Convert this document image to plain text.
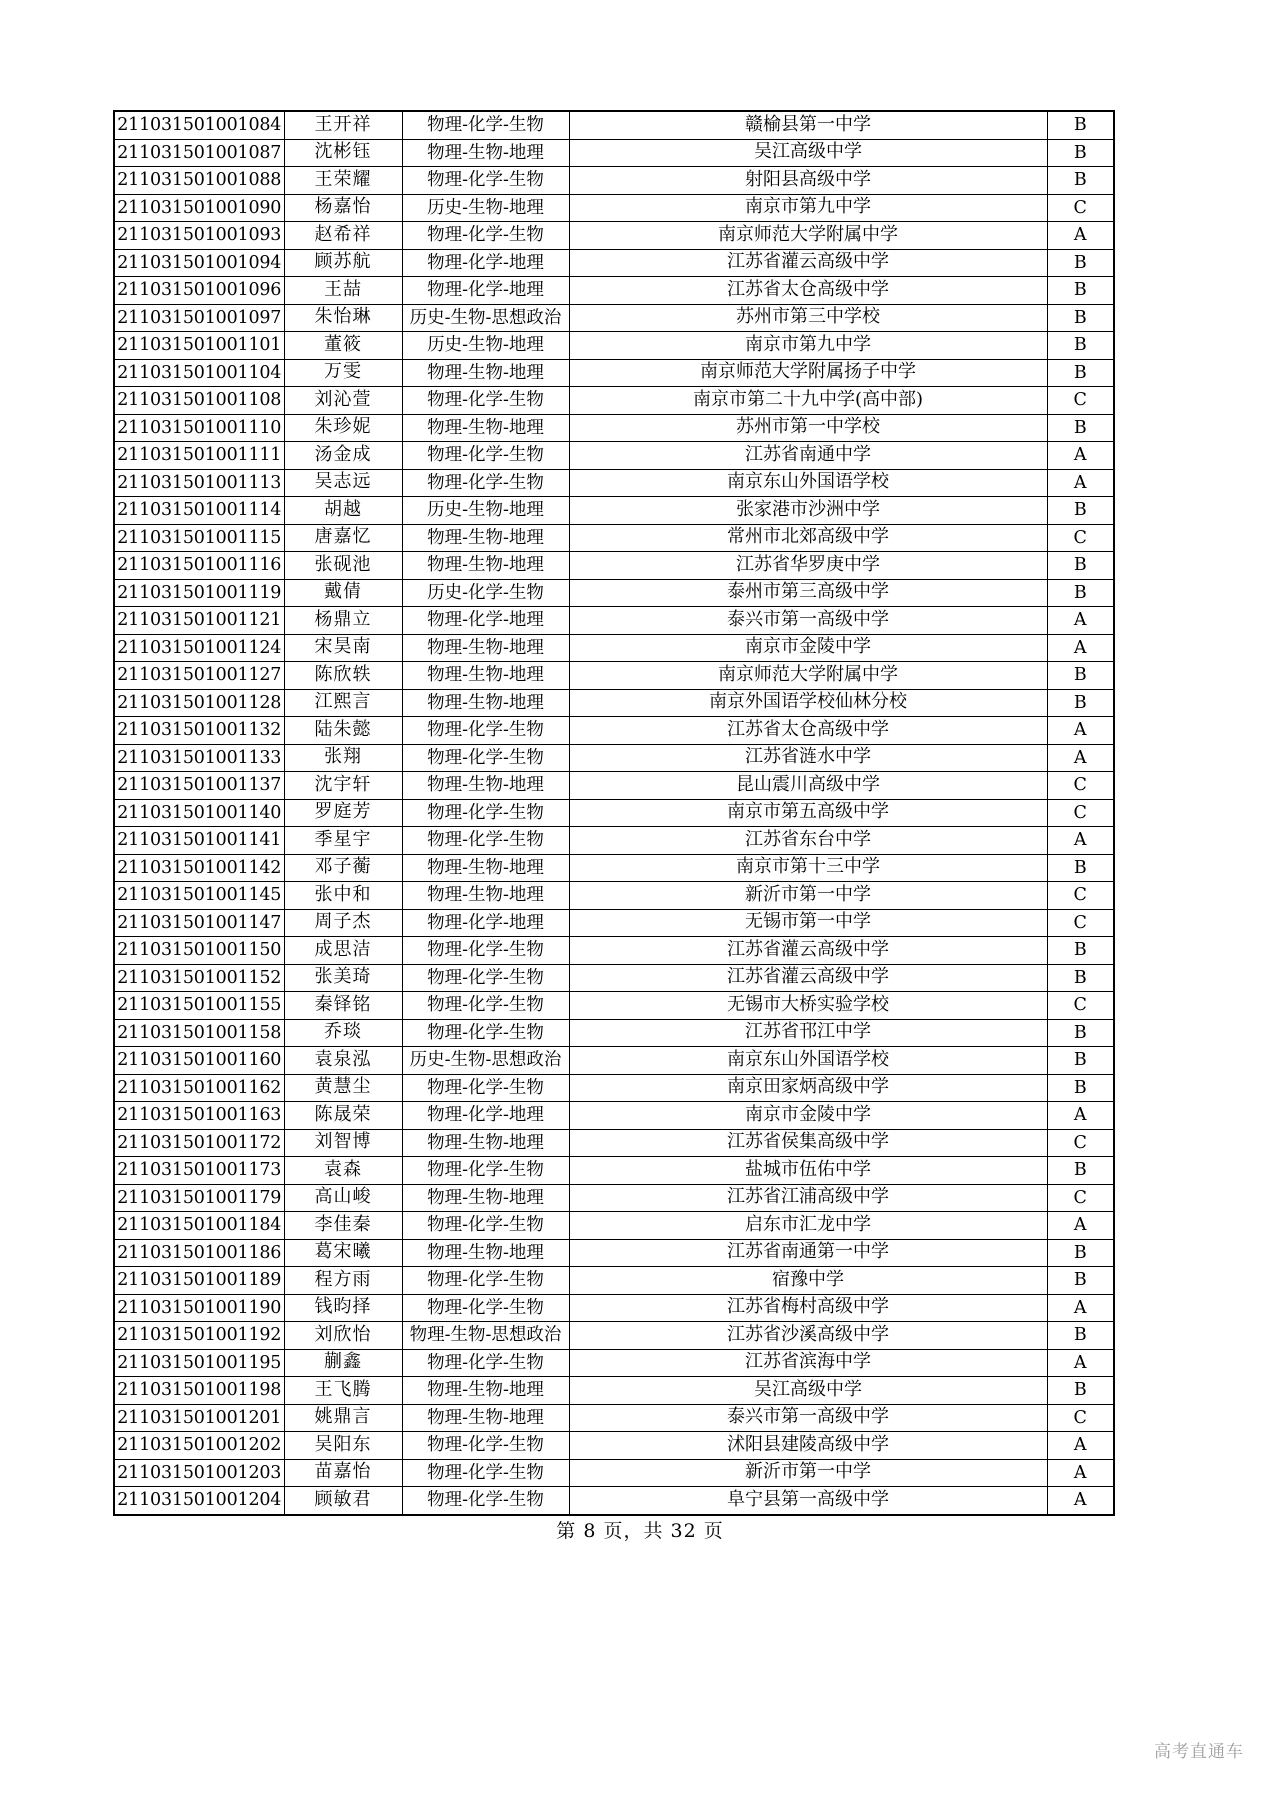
211031501001084	王开祥	物理-化学-生物	赣榆县第一中学	B
211031501001087	沈彬钰	物理-生物-地理	吴江高级中学	B
211031501001088	王荣耀	物理-化学-生物	射阳县高级中学	B
211031501001090	杨嘉怡	历史-生物-地理	南京市第九中学	C
211031501001093	赵希祥	物理-化学-生物	南京师范大学附属中学	A
211031501001094	顾苏航	物理-化学-地理	江苏省灌云高级中学	B
211031501001096	王喆	物理-化学-地理	江苏省太仓高级中学	B
211031501001097	朱怡琳	历史-生物-思想政治	苏州市第三中学校	B
211031501001101	董筱	历史-生物-地理	南京市第九中学	B
211031501001104	万雯	物理-生物-地理	南京师范大学附属扬子中学	B
211031501001108	刘沁萱	物理-化学-生物	南京市第二十九中学(高中部)	C
211031501001110	朱珍妮	物理-生物-地理	苏州市第一中学校	B
211031501001111	汤金成	物理-化学-生物	江苏省南通中学	A
211031501001113	吴志远	物理-化学-生物	南京东山外国语学校	A
211031501001114	胡越	历史-生物-地理	张家港市沙洲中学	B
211031501001115	唐嘉忆	物理-生物-地理	常州市北郊高级中学	C
211031501001116	张砚池	物理-生物-地理	江苏省华罗庚中学	B
211031501001119	戴倩	历史-化学-生物	泰州市第三高级中学	B
211031501001121	杨鼎立	物理-化学-地理	泰兴市第一高级中学	A
211031501001124	宋昊南	物理-生物-地理	南京市金陵中学	A
211031501001127	陈欣轶	物理-生物-地理	南京师范大学附属中学	B
211031501001128	江熙言	物理-生物-地理	南京外国语学校仙林分校	B
211031501001132	陆朱懿	物理-化学-生物	江苏省太仓高级中学	A
211031501001133	张翔	物理-化学-生物	江苏省涟水中学	A
211031501001137	沈宇轩	物理-生物-地理	昆山震川高级中学	C
211031501001140	罗庭芳	物理-化学-生物	南京市第五高级中学	C
211031501001141	季星宇	物理-化学-生物	江苏省东台中学	A
211031501001142	邓子蘅	物理-生物-地理	南京市第十三中学	B
211031501001145	张中和	物理-生物-地理	新沂市第一中学	C
211031501001147	周子杰	物理-化学-地理	无锡市第一中学	C
211031501001150	成思洁	物理-化学-生物	江苏省灌云高级中学	B
211031501001152	张美琦	物理-化学-生物	江苏省灌云高级中学	B
211031501001155	秦铎铭	物理-化学-生物	无锡市大桥实验学校	C
211031501001158	乔琰	物理-化学-生物	江苏省邗江中学	B
211031501001160	袁泉泓	历史-生物-思想政治	南京东山外国语学校	B
211031501001162	黄慧尘	物理-化学-生物	南京田家炳高级中学	B
211031501001163	陈晟荣	物理-化学-地理	南京市金陵中学	A
211031501001172	刘智博	物理-生物-地理	江苏省侯集高级中学	C
211031501001173	袁森	物理-化学-生物	盐城市伍佑中学	B
211031501001179	高山峻	物理-生物-地理	江苏省江浦高级中学	C
211031501001184	李佳秦	物理-化学-生物	启东市汇龙中学	A
211031501001186	葛宋曦	物理-生物-地理	江苏省南通第一中学	B
211031501001189	程方雨	物理-化学-生物	宿豫中学	B
211031501001190	钱昀择	物理-化学-生物	江苏省梅村高级中学	A
211031501001192	刘欣怡	物理-生物-思想政治	江苏省沙溪高级中学	B
211031501001195	蒯鑫	物理-化学-生物	江苏省滨海中学	A
211031501001198	王飞腾	物理-生物-地理	吴江高级中学	B
211031501001201	姚鼎言	物理-生物-地理	泰兴市第一高级中学	C
211031501001202	吴阳东	物理-化学-生物	沭阳县建陵高级中学	A
211031501001203	苗嘉怡	物理-化学-生物	新沂市第一中学	A
211031501001204	顾敏君	物理-化学-生物	阜宁县第一高级中学	A
第 8 页，共 32 页
高考直通车
